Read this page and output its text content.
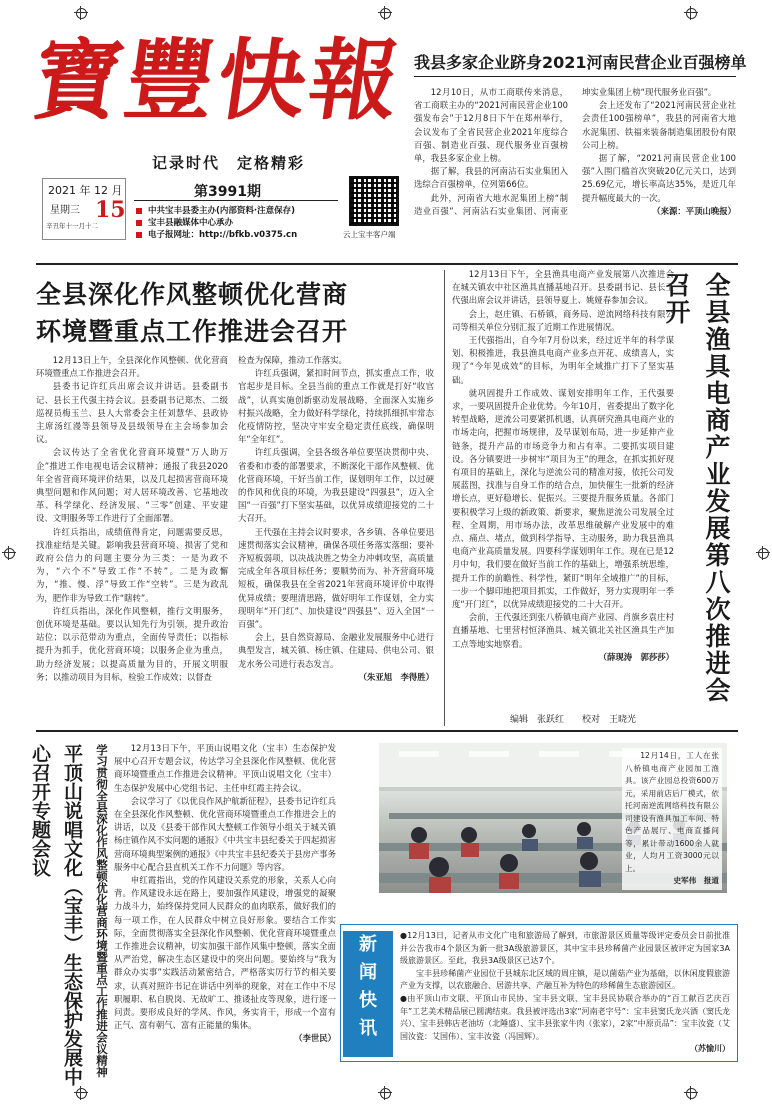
寶
豐
快
報
记录时代　定格精彩
2021 年 12 月
星期三 15
辛丑年十一月十二
第3991期
中共宝丰县委主办(内部资料·注意保存)
宝丰县融媒体中心承办
电子报网址：http://bfkb.v0375.cn	云上宝丰客户端
我县多家企业跻身2021河南民营企业百强榜单

12月10日，从市工商联传来消息，省工商联主办的“2021河南民营企业100强发布会”于12月8日下午在郑州举行，会议发布了全省民营企业2021年度综合百强、制造业百强、现代服务业百强榜单，我县多家企业上榜。

据了解，我县的河南沾石实业集团入选综合百强榜单，位列第66位。

此外，河南省大地水泥集团上榜“制造业百强”、河南沾石实业集团、河南亚坤实业集团上榜“现代服务业百强”。

会上还发布了“2021河南民营企业社会责任100强榜单”，我县的河南省大地水泥集团、铁福来装备制造集团股份有限公司上榜。

据了解，“2021河南民营企业100强”入围门槛首次突破20亿元关口，达到25.69亿元，增长率高达35%，是近几年提升幅度最大的一次。

（来源：平顶山晚报）

全县深化作风整顿优化营商
环境暨重点工作推进会召开

12月13日上午，全县深化作风整顿、优化营商环境暨重点工作推进会召开。

县委书记许红兵出席会议并讲话。县委副书记、县长王代强主持会议。县委副书记郑杰、二级巡视员梅玉兰、县人大常委会主任刘慧华、县政协主席汤红漫等县领导及县级领导在主会场参加会议。

会议传达了全省优化营商环境暨“万人助万企”推进工作电视电话会议精神；通报了我县2020年全省营商环境评价结果，以及几起损害营商环境典型问题和作风问题；对人居环境改善、它基地改革、科学绿化、经济发展、“三零”创建、平安建设、文明服务等工作进行了全面部署。

许红兵指出，成绩值得肯定，问题需要反思，找准症结是关键。影响我县营商环境、损害了党和政府公信力的问题主要分为三类：一是为政不为，“六个不”导致工作“不转”。二是为政懈为，“推、慢、浮”导致工作“空转”。三是为政乱为，肥作非为导致工作“瞎转”。

许红兵指出，深化作风整顿，推行文明服务，创优环境是基础。要以认知先行为引领，提升政治站位；以示范带动为重点，全面传导责任；以指标提升为抓手，优化营商环境；以服务企业为重点，助力经济发展；以提高质量为目的，开展文明服务；以推动项目为目标，检验工作成效；以督查

检查为保障，推动工作落实。

许红兵强调，紧扣时间节点，抓实重点工作，收官起步是目标。全县当前的重点工作就是打好“收官战”，认真实施创新驱动发展战略，全面深入实施乡村振兴战略，全力做好科学绿化，持续抓细抓牢常态化疫情防控，坚决守牢安全稳定责任底线，确保明年“全年红”。

许红兵强调，全县各级各单位要坚决贯彻中央、省委和市委的部署要求，不断深化干部作风整顿、优化营商环境，干好当前工作，谋划明年工作，以过硬的作风和优良的环境，为我县建设“四强县”，迈入全国“一百强”打下坚实基础，以优异成绩迎接党的二十大召开。

王代强在主持会议时要求，各乡镇、各单位要迅速贯彻落实会议精神，确保各项任务落实落细；要补齐短板弱项，以决战决胜之势全力冲刺攻坚，高质量完成全年各项目标任务；要顺势而为、补齐营商环境短板，确保我县在全省2021年营商环境评价中取得优异成绩；要理清思路，做好明年工作谋划，全力实现明年“开门红”、加快建设“四强县”、迈入全国“一百强”。

会上，县自然资源局、金融业发展服务中心进行典型发言，城关镇、杨庄镇、住建局、供电公司、银龙水务公司进行表态发言。

（朱亚旭　李得胜）

12月13日下午，全县渔具电商产业发展第八次推进会在城关镇农中社区渔具直播基地召开。县委副书记、县长王代强出席会议并讲话，县领导夏上、姚娅春参加会议。

会上，赵庄镇、石桥镇，商务局、逆流网络科技有限公司等相关单位分别汇报了近期工作进展情况。

王代强指出，自今年7月份以来，经过近半年的科学谋划、积极推进，我县渔具电商产业多点开花、成绩喜人，实现了“今年见成效”的目标，为明年全域推广打下了坚实基础。

就巩固提升工作成效、谋划安排明年工作，王代强要求，一要巩固提升企业优势。今年10月，省委提出了数字化转型战略，逆流公司要紧抓机遇，认真研究渔具电商产业的市场走向，把握市场规律，及早谋划布局，进一步延伸产业链条，提升产品的市场竞争力和占有率。二要抓实项目建设。各分镇要进一步树牢“项目为王”的理念，在抓实抓好现有项目的基础上，深化与逆流公司的精准对接，依托公司发展蓝图，找准与自身工作的结合点，加快催生一批新的经济增长点，更好稳增长、促振兴。三要提升服务质量。各部门要积极学习上级的新政策、新要求，聚焦逆流公司发展全过程、全周期，用市场办法，改革思维破解产业发展中的难点、痛点、堵点，做到科学指导、主动服务，助力我县渔具电商产业高质量发展。四要科学谋划明年工作。现在已是12月中旬，我们要在做好当前工作的基础上，增强系统思维，提升工作的前瞻性、科学性，紧盯“明年全域推广”的目标，一步一个脚印地把项目抓实，工作做好，努力实现明年一季度“开门红”，以优异成绩迎接党的二十大召开。

会前，王代强还到张八桥镇电商产业园、肖旗乡袁庄村直播基地、七里营村恒泽渔具、城关镇北关社区渔具生产加工点等地实地察看。

（薛现涛　郭莎莎）

编辑　张跃红　　校对　王晓光
全县渔具电商产业发展第八次推进会召开
平顶山说唱文化（宝丰）生态保护发展中心召开专题会议	学习贯彻全县深化作风整顿优化营商环境暨重点工作推进会议精神	12月13日下午，平顶山说唱文化（宝丰）生态保护发展中心召开专题会议，传达学习全县深化作风整顿、优化营商环境暨重点工作推进会议精神。平顶山说唱文化（宝丰）生态保护发展中心党组书记、主任申红霞主持会议。

会议学习了《以优良作风护航新征程》，县委书记许红兵在全县深化作风整顿、优化营商环境暨重点工作推进会上的讲话，以及《县委干部作风大整顿工作领导小组关于城关镇杨庄镇作风不实问题的通报》《中共宝丰县纪委关于四起损害营商环境典型案例的通报》《中共宝丰县纪委关于县房产事务服务中心配合县直机关工作不力问题》等内容。

申红霞指出，党的作风建设关系党的形象，关系人心向背。作风建设永远在路上，要加强作风建设，增强党的凝聚力战斗力，始终保持党同人民群众的血肉联系，做好我们的每一项工作，在人民群众中树立良好形象。要结合工作实际，全面贯彻落实全县深化作风整顿、优化营商环境暨重点工作推进会议精神，切实加强干部作风集中整顿，落实全面从严治党，解决生态区建设中的突出问题。要始终与“我为群众办实事”实践活动紧密结合，严格落实厉行节约相关要求，认真对照许书记在讲话中列举的现象，对在工作中不尽职履职、私自脱岗、无故旷工、推诿扯皮等现象，进行逐一问责。要形成良好的学风、作风，务实肯干，形成一个富有正气、富有朝气、富有正能量的集体。

（李世民）

12月14日，工人在张八桥镇电商产业园加工渔具。该产业园总投资600万元，采用前店后厂模式，依托河南逆流网络科技有限公司建设有渔具加工车间、特色产品展厅、电商直播间等，累计带动1600余人就业，人均月工资3000元以上。

史军伟　报道

新
闻
快
讯

●12月13日，记者从市文化广电和旅游局了解到，市旅游景区质量等级评定委员会日前批准并公告我市4个景区为新一批3A级旅游景区，其中宝丰县珍稀菌产业园景区被评定为国家3A级旅游景区。至此，我县3A级景区已达7个。

宝丰县珍稀菌产业园位于县城东北区域的周庄镇，是以菌菇产业为基础，以休闲度假旅游产业为支撑，以农旅融合、居游共享、产融互补为特色的珍稀菌生态旅游园区。

●由平顶山市文联、平顶山市民协、宝丰县文联、宝丰县民协联合举办的“百工献百艺庆百年”工艺美术精品展已圆满结束。我县被评选出3家“河南老字号”：宝丰县窦氏龙兴酒（窦氏龙兴）、宝丰县韩店老油坊（北陲盛）、宝丰县张家牛肉（张家），2家“中原贡品”：宝丰汝瓷（艾国汝瓷：艾国伟）、宝丰汝瓷（冯国辉）。

（苏愉川）
